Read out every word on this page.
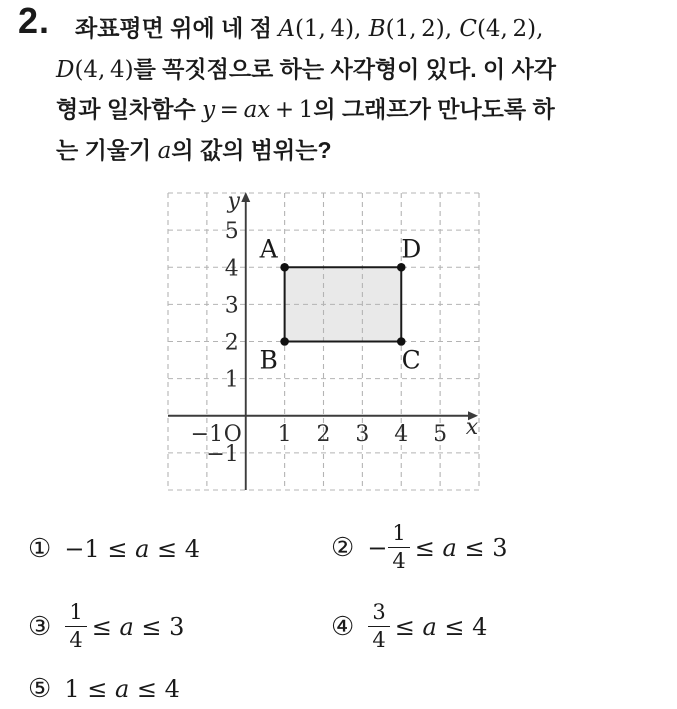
2.	좌표평면 위에 네 점 A(1, 4), B(1, 2), C(4, 2),
D(4, 4)를 꼭짓점으로 하는 사각형이 있다. 이 사각
형과 일차함수 y = ax + 1의 그래프가 만나도록 하
는 기울기 a의 값의 범위는?
−1 1 2 3 4 5
−1
1
2
3
4
5
O	x
y
A
B	C
D
① −1 ≤ a ≤ 4	② − $\frac{1}{4} \le a \le 3$
③ $\frac{1}{4} \le a \le 3$	④ $\frac{3}{4} \le a \le 4$
⑤ 1 ≤ a ≤ 4
